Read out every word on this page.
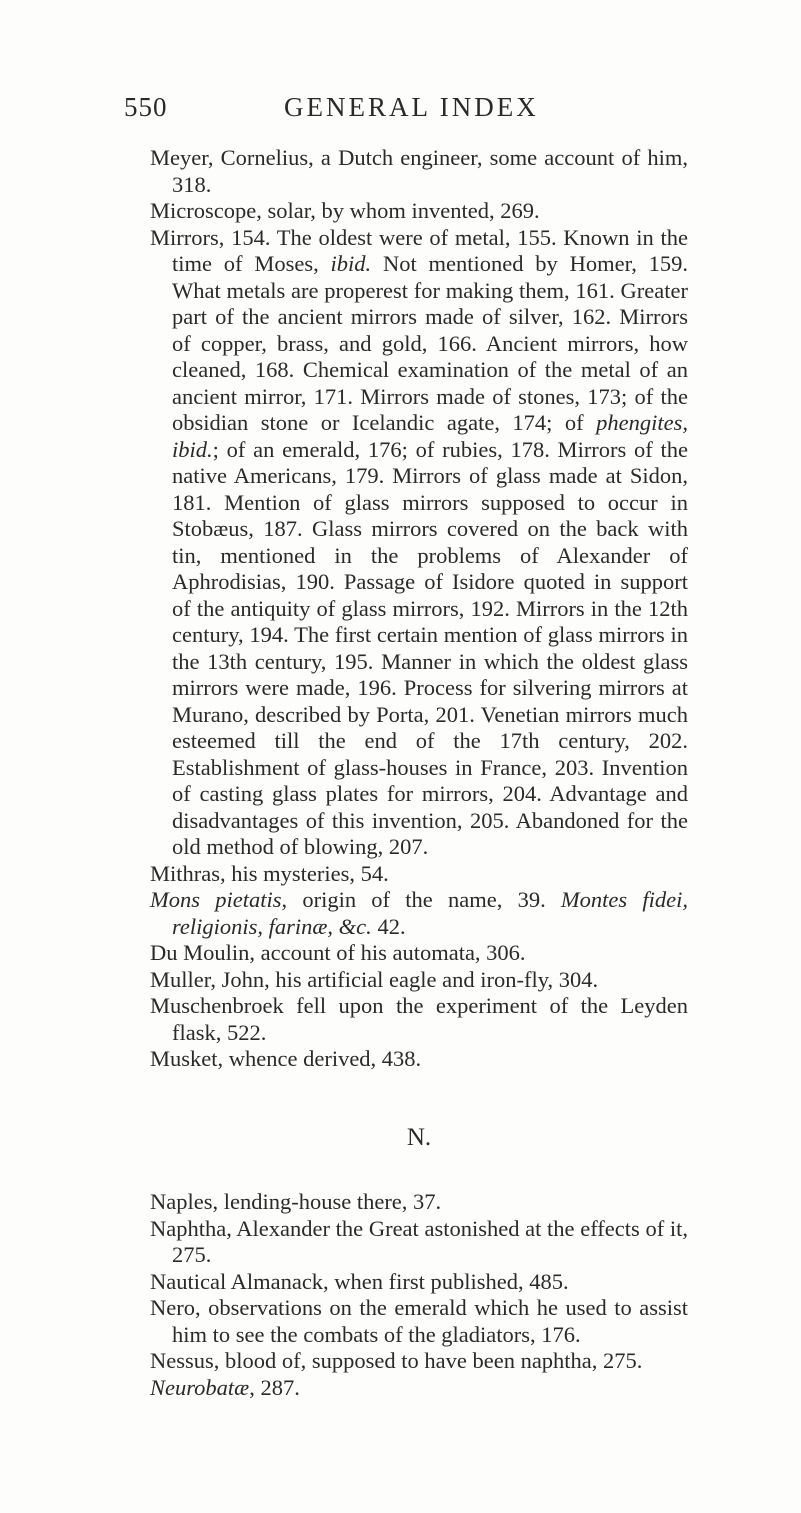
550	GENERAL INDEX

Meyer, Cornelius, a Dutch engineer, some account of him, 318.

Microscope, solar, by whom invented, 269.

Mirrors, 154. The oldest were of metal, 155. Known in the time of Moses, ibid. Not mentioned by Homer, 159. What metals are properest for making them, 161. Greater part of the ancient mirrors made of silver, 162. Mirrors of copper, brass, and gold, 166. Ancient mirrors, how cleaned, 168. Chemical examination of the metal of an ancient mirror, 171. Mirrors made of stones, 173; of the obsidian stone or Icelandic agate, 174; of phengites, ibid.; of an emerald, 176; of rubies, 178. Mirrors of the native Americans, 179. Mirrors of glass made at Sidon, 181. Mention of glass mirrors supposed to occur in Stobæus, 187. Glass mirrors covered on the back with tin, mentioned in the problems of Alexander of Aphrodisias, 190. Passage of Isidore quoted in support of the antiquity of glass mirrors, 192. Mirrors in the 12th century, 194. The first certain mention of glass mirrors in the 13th century, 195. Manner in which the oldest glass mirrors were made, 196. Process for silvering mirrors at Murano, described by Porta, 201. Venetian mirrors much esteemed till the end of the 17th century, 202. Establishment of glass-houses in France, 203. Invention of casting glass plates for mirrors, 204. Advantage and disadvantages of this invention, 205. Abandoned for the old method of blowing, 207.

Mithras, his mysteries, 54.

Mons pietatis, origin of the name, 39. Montes fidei, religionis, farinæ, &c. 42.

Du Moulin, account of his automata, 306.

Muller, John, his artificial eagle and iron-fly, 304.

Muschenbroek fell upon the experiment of the Leyden flask, 522.

Musket, whence derived, 438.

N.

Naples, lending-house there, 37.

Naphtha, Alexander the Great astonished at the effects of it, 275.

Nautical Almanack, when first published, 485.

Nero, observations on the emerald which he used to assist him to see the combats of the gladiators, 176.

Nessus, blood of, supposed to have been naphtha, 275.

Neurobatæ, 287.
